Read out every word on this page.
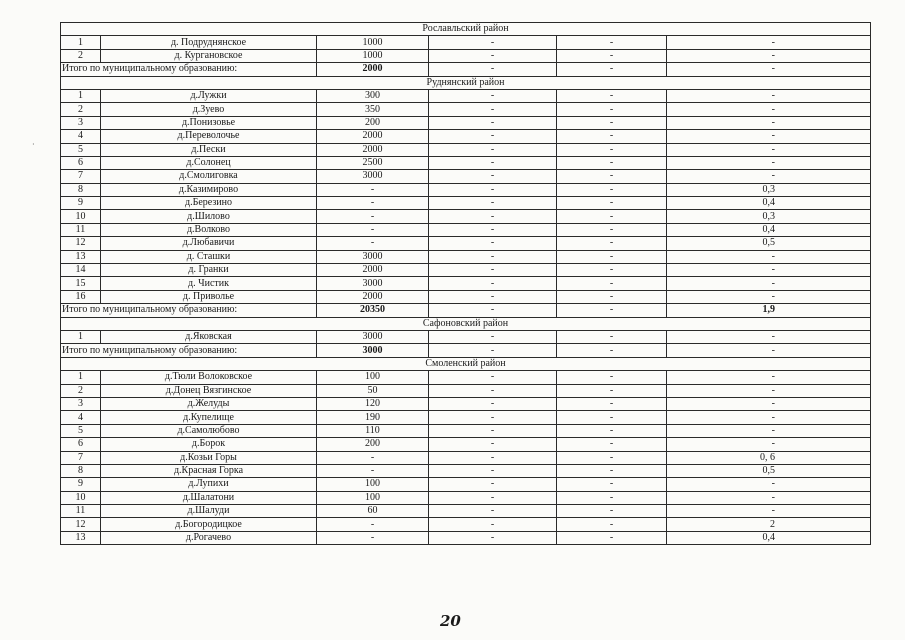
Рославльский район					
1	д. Подруднянское	1000	-	-	-
2	д. Кургановское	1000	-	-	-
Итого по муниципальному образованию:		2000	-	-	-
Руднянский район					
1	д.Лужки	300	-	-	-
2	д.Зуево	350	-	-	-
3	д.Понизовье	200	-	-	-
4	д.Переволочье	2000	-	-	-
5	д.Пески	2000	-	-	-
6	д.Солонец	2500	-	-	-
7	д.Смолиговка	3000	-	-	-
8	д.Казимирово	-	-	-	0,3
9	д.Березино	-	-	-	0,4
10	д.Шилово	-	-	-	0,3
11	д.Волково	-	-	-	0,4
12	д.Любавичи	-	-	-	0,5
13	д. Сташки	3000	-	-	-
14	д. Гранки	2000	-	-	-
15	д. Чистик	3000	-	-	-
16	д. Привольe	2000	-	-	-
Итого по муниципальному образованию:		20350	-	-	1,9
Сафоновский район					
1	д.Яковская	3000	-	-	-
Итого по муниципальному образованию:		3000	-	-	-
Смоленский район					
1	д.Тюли Волоковское	100	-	-	-
2	д.Донец Вязгинское	50	-	-	-
3	д.Желуды	120	-	-	-
4	д.Купелище	190	-	-	-
5	д.Самолюбово	110	-	-	-
6	д.Борок	200	-	-	-
7	д.Козьи Горы	-	-	-	0, 6
8	д.Красная Горка	-	-	-	0,5
9	д.Лупихи	100	-	-	-
10	д.Шалатони	100	-	-	-
11	д.Шалуди	60	-	-	-
12	д.Богородицкое	-	-	-	2
13	д.Рогачево	-	-	-	0,4
·
20
